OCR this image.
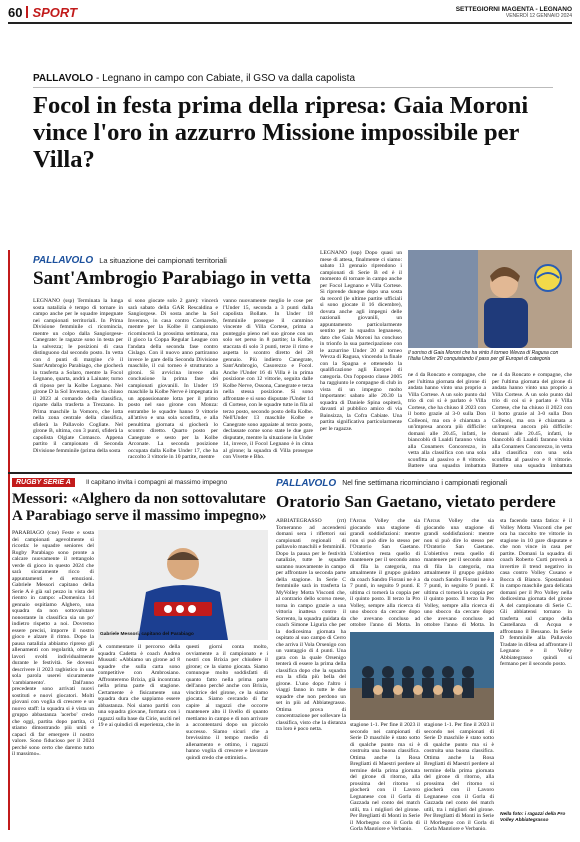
60 SPORT	SETTEGIORNI MAGENTA - LEGNANO
VENERDÌ 12 GENNAIO 2024
PALLAVOLO - Legnano in campo con Cabiate, il GSO va dalla capolista
Focol in festa prima della ripresa: Gaia Moroni vince l'oro in azzurro Missione impossibile per Villa?
PALLAVOLO La situazione dei campionati territoriali
Sant'Ambrogio Parabiago in vetta
LEGNANO (ssp) Terminata la lunga sosta natalizia è tempo di tornare in campo anche per le squadre impegnate nei campionati territoriali. In Prima Divisione femminile ci ricomincia, mentre un colpo dalla Sangiorgese-Canegrate: le ragazze sono in testa per la salvezza; le posizioni di casa distinguono dal secondo posto. In vetta con 4 punti di margine c'è il Sant'Ambrogio Parabiago, che giocherà in trasferta a Solaro, mentre la Focol Legnano, quarta, andrà a Lainate; turno di riposo per la Kolbe Legnano. Nel girone D la Sol Inverano, che ha chiuso il 2023 al comando della classifica, riparte dalla trasferta a Trezzano. In Prima maschile la Vomoro, che lotta nella zona centrale della classifica, sfiderà la Pallavolo Cogliate. Nel girone B, ultima, con 3 punti, sfiderà la capolista Olgiate Comasco. Appena partito il campionato di Seconda Divisione femminile (prima della sosta
si sono giocate solo 2 gare): vincerà sarà sabato della GAR Rescaldina e Sangiorgese. Di sosta anche la Sol Inverano, in casa contro Cornaredo, mentre per la Kolbe il campionato ricomincerà la prossima settimana, ma il gioco la Coppa Regular League con l'andata della seconda fase contro Cislago. Con il nuovo anno partiranno invece le gare della Seconda Divisione maschile, il cui torneo è strutturato a gironi. Si avvicina invece alla conclusione la prima fase dei campionati giovanili. In Under 19 maschile la Kolbe Nerve è impegnata in un appassionante lotta per il primo posto nel suo girone con Monza: entrambe le squadre hanno 9 vittorie all'attivo e una sola sconfitta, e alla penultima giornata si giocherà lo scontro diretto. Quarto posto per Canegrate e sesto per la Kolbe Arconate. La seconda posizione occupata dalla Kolbe Under 17, che ha raccolto 3 vittorie in 10 partite, mentre
vanno nuovamente meglio le cose per l'Under 15, seconda a 3 punti dalla capolista Bollate. In Under 18 femminile prosegue il cammino vincente di Villa Cortese, prima a punteggio pieno nel suo girone con un solo set perso in 8 partite; la Kolbe, staccata di solo 3 punti, terze il rimo e aspetta lo scontro diretto del 28 gennaio. Più indietro Canegrate, Sant'Ambrogio, Casorezzo e Focol. Anche l'Under 16 di Villa è in prima posizione con 12 vittorie, seguita dalle Kolbe Nerve, Ossona, Canegrate e terza nella stessa posizione. Si sono affrontate e si sono disputate l'Under 14 di Cortese, con le squadre tutte in fila al terzo posto, secondo posto della Kolbe. Nell'Under 13 maschile Kolbe e Canegrate sono appaiate al terzo posto, declassate come sono state le due gare disputate, mentre la situazione in Under 14, invece, il Focol Legnano è in cima al girone; la squadra di Villa prosegue con Vivette e Bho.
LEGNANO (ssp) Dopo quasi un mese di attesa, finalmente ci siamo: sabato 13 gennaio riprendono i campionati di Serie B ed è il momento di tornare in campo anche per Focol Legnano e Villa Cortese. Si riprende dunque dopo una sosta da record (le ultime partite ufficiali si sono giocate il 16 dicembre), dovuta anche agli impegni delle nazionali giovanili, un appuntamento particolarmente sentito per la squadra legnanese, dato che Gaia Moroni ha concluso in trionfo la sua partecipazione con le azzurrine Under 20 al torneo Wevza di Ragusa, vincendo la finale con la Spagna e ottenendo la qualificazione agli Europei di categoria. Ora l'opposto classe 2005 ha raggiunto le compagne di club in vista di un impegno molto importante: sabato alle 20.30 la squadra di Daniele Spina ospiterà, davanti al pubblico amico di via Bainsizza, la Cofra Cabiate. Una partita significativa particolarmente per le ragazze.
Il sorriso di Gaia Moroni che ha vinto il torneo Wevza di Ragusa con l'Italia Under 20 conquistando il pass per gli Europei di categoria
ne 4 da Roncato e compagne, che per l'ultima giornata del girone di andata hanno vinto una proprio a Villa Cortese. A un solo punto dal trio di coi si è parlato è Villa Cortese, che ha chiuso il 2023 con il botto grazie al 3-0 sulla Don Colleoni, ma ora è chiamata a un'impresa ancora più difficile: domani alle 20.45, infatti, le biancoblù di Lualdi faranno visita alla Conamers Concorezzo, in vetta alla classifica con una sola sconfitta al passivo e 8 vittorie. Battere una squadra imbattuta
ne 4 da Roncato e compagne, che per l'ultima giornata del girone di andata hanno vinto una proprio a Villa Cortese. A un solo punto dal trio di coi si è parlato è Villa Cortese, che ha chiuso il 2023 con il botto grazie al 3-0 sulla Don Colleoni, ma ora è chiamata a un'impresa ancora più difficile: domani alle 20.45, infatti, le biancoblù di Lualdi faranno visita alla Conamers Concorezzo, in vetta alla classifica con una sola sconfitta al passivo e 8 vittorie. Battere una squadra imbattuta
RUGBY SERIE A Il capitano invita i compagni al massimo impegno
Messori: «Alghero da non sottovalutare A Parabiago serve il massimo impegno»
PARABIAGO (cne) Feste e sosta dei campionati agevolmente si ricorda: le squadre seniores del Rugby Parabiago sono pronte a calcare nuovamente il rettangolo verde di gioco in questo 2024 che sarà sicuramente ricco di appuntamenti e di emozioni. Gabriele Messori capitano della Serie A è già sul pezzo in vista del rientro in campo: «Domenica 14 gennaio ospitiamo Alghero, una squadra da non sottovalutare nonostante in classifica sia un po' indietro rispetto a noi. Dovremo essere precisi, imporre il nostro gioco e alzare il ritmo. Dopo la pausa natalizia abbiamo ripreso gli allenamenti con regolarità, oltre ai lavori svolti individualmente durante le festività. Se dovessi descrivere il 2023 ragbistico in una sola parola userei sicuramente 'cambiamento'. Dall'anno precedente sono arrivati nuovi sostituti e nuovi giocatori. Molti giovani con voglia di crescere e un nuovo staff: la squadra si è vista un gruppo abbastanza 'acerbo' credo che oggi, partita dopo partita, ci stiamo dimostrando più uniti e capaci di far emergere il nostro valore. Sono fiducioso per il 2024 perché sono certo che daremo tutto il massimo».
Gabriele Messori, capitano del Parabiago
A commentare il percorso della squadra Cadetta è coach Andrea Mussati: «Abbiamo un girone ad 8 squadre che sulla carta sono competitive con Ambrosiano. Affronteremo Brixia, già incontrata nella prima parte di stagione. Certamente è fisicamente una squadra dura che sappiamo essere abbastanza. Noi siamo partiti con una squadra giovane, formata con i ragazzi sulla base da Cirie, usciti nel 19 e ai quindici di esperienza, che in
questi giorni conta molto, ovviamente a il campionato e i nostri con Brixia per chiudere il girone; ce la siamo giocata. Siamo comunque molto soddisfatti di quanto fatto nella prima parte dell'anno perché anche con Brixia, vincitrice del girone, ce la siamo giocata. Siamo cercando di far capire ai ragazzi che occorre mantenere alto il livello di quanto mettiamo in campo e di non arrivare a accontentarsi dopo un piccolo successo. Siamo sicuri che a brevissimo il tempo medio di allenamento e ottimo, i ragazzi hanno voglia di crescere e lavorare quindi credo che ottimisti».
PALLAVOLO Nel fine settimana ricominciano i campionati regionali
Oratorio San Gaetano, vietato perdere
ABBIATEGRASSO (rrt) Torneranno ad accendersi domani sera i riflettori sui campionati regionali di pallavolo maschili e femminili. Dopo la pausa per le festività natalizie, tutte le squadre saranno nuovamente in campo per affrontare la seconda parte della stagione. In Serie C femminile sarà in trasferta la MyVolley Motta Visconti che, al contrario dello scorso mese, torna in campo grazie a una vittoria inattesa contro il Sorrento, la squadra guidata da coach Simone Liguria che per la dodicesima giornata ha ospitato al suo campo di Cerro che arriva il Vola Orsenigo con un vantaggio di 4 punti. Una gara con la quale Orsenigo tenterà di essere la prima della classifica dopo che la squadra era la sfida più bella del girone. L'uno dopo l'altro i viaggi fanno in tutte le due squadre che non perdono un set in più ad Abbiategrasso. Ottima prova di concentrazione per sollevare la classifica, visto che la distanza tra loro è poco netta.
l'Arcus Volley che sia giocando una stagione di grandi soddisfazioni: mentre non si può dire lo stesso per l'Oratorio San Gaetano. L'obiettivo resta quello di mantenere per il secondo anno di fila la categoria, ma attualmente il gruppo guidato da coach Sandro Fiorani ne è a 7 punti, in seguito 9 punti. E ultima ci tornerà la coppia per il quinto posto. Il terzo la Pro Volley, sempre alla ricerca di uno sbocco da cercare dopo che avevano concluso ad ottobre l'anno di Motta. In
l'Arcus Volley che sia giocando una stagione di grandi soddisfazioni: mentre non si può dire lo stesso per l'Oratorio San Gaetano. L'obiettivo resta quello di mantenere per il secondo anno di fila la categoria, ma attualmente il gruppo guidato da coach Sandro Fiorani ne è a 7 punti, in seguito 9 punti. E ultima ci tornerà la coppia per il quinto posto. Il terzo la Pro Volley, sempre alla ricerca di uno sbocco da cercare dopo che avevano concluso ad ottobre l'anno di Motta. In
stagione 1-1. Per fine il 2023 il secondo nei campionati di Serie D maschile è stato sotto di qualche punto ma si è costruita una buona classifica. Ottima anche la Rosa Bregliatti di Maestri perdere al termine della prima giornata del girone di ritorno, alla prossima del ritorno si giocherà con il Lavoro Legnanese con il Gorla di Gazzada nel conto dei match utili, tra i migliori del girone. Per Bregliatti di Monti in Serie il Morbegno con il Gorla di Gorla Maggiore e Verbanio.
stagione 1-1. Per fine il 2023 il secondo nei campionati di Serie D maschile è stato sotto di qualche punto ma si è costruita una buona classifica. Ottima anche la Rosa Bregliatti di Maestri perdere al termine della prima giornata del girone di ritorno, alla prossima del ritorno si giocherà con il Lavoro Legnanese con il Gorla di Gazzada nel conto dei match utili, tra i migliori del girone. Per Bregliatti di Monti in Serie il Morbegno con il Gorla di Gorla Maggiore e Verbanio.
sta facendo tanta fatica: è il Volley Motta Visconti che per ora ha raccolto tre vittorie in stagione in 10 gare disputate e che non vince in casa per partite. Domani la squadra di coach Roberto Curti proverà a invertire il trend negativo in casa contro Volley Cusano e Bocca di Bianco. Spostandosi in campo maschile gara delicata domani per il Pro Volley nella dodicesima giornata del girone A del campionato di Serie C. Gli abbiatensi tornano in trasferta sul campo della Castellanza di Acqua e affrontano il Bessano. In Serie D femminile alla Pallavolo Tradate in difesa ad affrontare il Legnano e il Volley Abbiategrasso quindi si fermano per il secondo posto.
Nella foto: i ragazzi della Pro Volley Abbiategrasso
